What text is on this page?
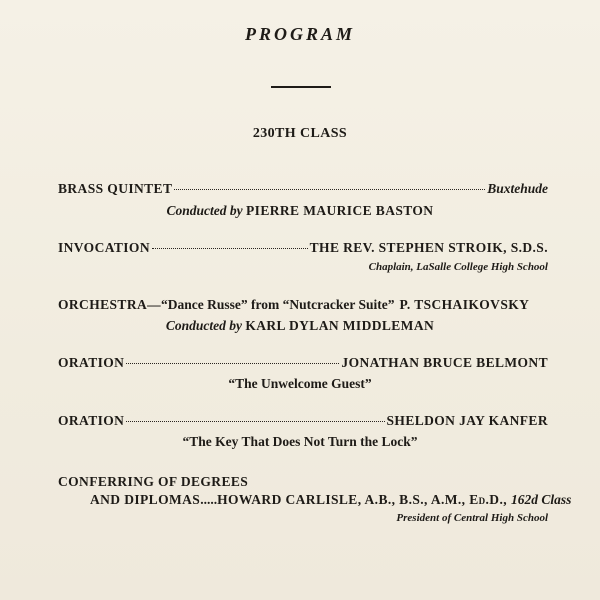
PROGRAM
230TH CLASS
BRASS QUINTET	Buxtehude
Conducted by PIERRE MAURICE BASTON
INVOCATION	THE REV. STEPHEN STROIK, S.D.S.
Chaplain, LaSalle College High School
ORCHESTRA— “Dance Russe” from “Nutcracker Suite” P. TSCHAIKOVSKY
Conducted by KARL DYLAN MIDDLEMAN
ORATION	JONATHAN BRUCE BELMONT
“The Unwelcome Guest”
ORATION	SHELDON JAY KANFER
“The Key That Does Not Turn the Lock”
CONFERRING OF DEGREES
AND DIPLOMAS ..... HOWARD CARLISLE, A.B., B.S., A.M., Ed.D., 162d Class
President of Central High School
